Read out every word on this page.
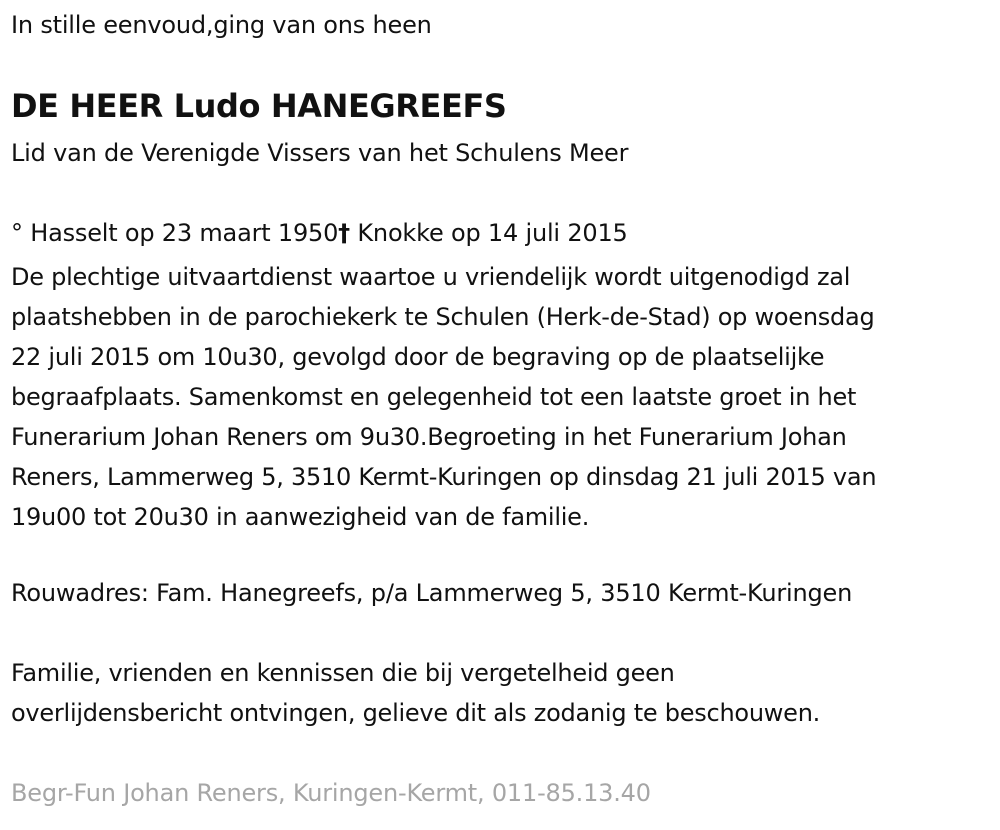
In stille eenvoud,ging van ons heen
DE HEER Ludo HANEGREEFS
Lid van de Verenigde Vissers van het Schulens Meer
° Hasselt op 23 maart 1950† Knokke op 14 juli 2015
De plechtige uitvaartdienst waartoe u vriendelijk wordt uitgenodigd zal
plaatshebben in de parochiekerk te Schulen (Herk-de-Stad) op woensdag
22 juli 2015 om 10u30, gevolgd door de begraving op de plaatselijke
begraafplaats. Samenkomst en gelegenheid tot een laatste groet in het
Funerarium Johan Reners om 9u30.Begroeting in het Funerarium Johan
Reners, Lammerweg 5, 3510 Kermt-Kuringen op dinsdag 21 juli 2015 van
19u00 tot 20u30 in aanwezigheid van de familie.
Rouwadres: Fam. Hanegreefs, p/a Lammerweg 5, 3510 Kermt-Kuringen
Familie, vrienden en kennissen die bij vergetelheid geen
overlijdensbericht ontvingen, gelieve dit als zodanig te beschouwen.
Begr-Fun Johan Reners, Kuringen-Kermt, 011-85.13.40
